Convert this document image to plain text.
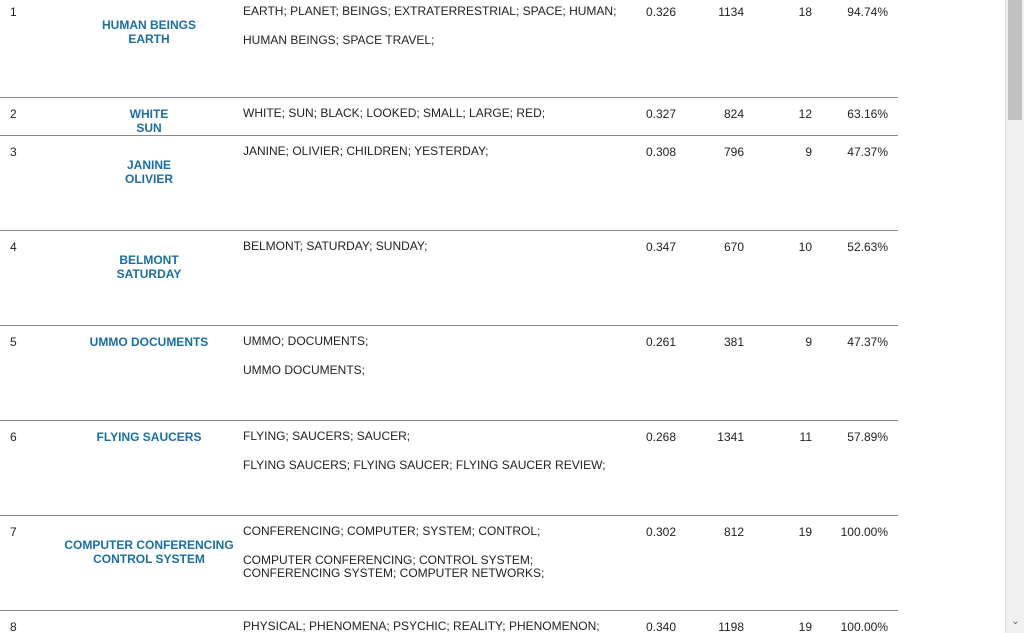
1	HUMAN BEINGS
EARTH	EARTH; PLANET; BEINGS; EXTRATERRESTRIAL; SPACE; HUMAN;
HUMAN BEINGS; SPACE TRAVEL;	0.326	1134	18	94.74%
2	WHITE
SUN	WHITE; SUN; BLACK; LOOKED; SMALL; LARGE; RED;	0.327	824	12	63.16%
3	JANINE
OLIVIER	JANINE; OLIVIER; CHILDREN; YESTERDAY;	0.308	796	9	47.37%
4	BELMONT
SATURDAY	BELMONT; SATURDAY; SUNDAY;	0.347	670	10	52.63%
5	UMMO DOCUMENTS	UMMO; DOCUMENTS;
UMMO DOCUMENTS;	0.261	381	9	47.37%
6	FLYING SAUCERS	FLYING; SAUCERS; SAUCER;
FLYING SAUCERS; FLYING SAUCER; FLYING SAUCER REVIEW;	0.268	1341	11	57.89%
7	COMPUTER CONFERENCING
CONTROL SYSTEM	CONFERENCING; COMPUTER; SYSTEM; CONTROL;
COMPUTER CONFERENCING; CONTROL SYSTEM; CONFERENCING SYSTEM; COMPUTER NETWORKS;	0.302	812	19	100.00%
8		PHYSICAL; PHENOMENA; PSYCHIC; REALITY; PHENOMENON;	0.340	1198	19	100.00%	⌄
